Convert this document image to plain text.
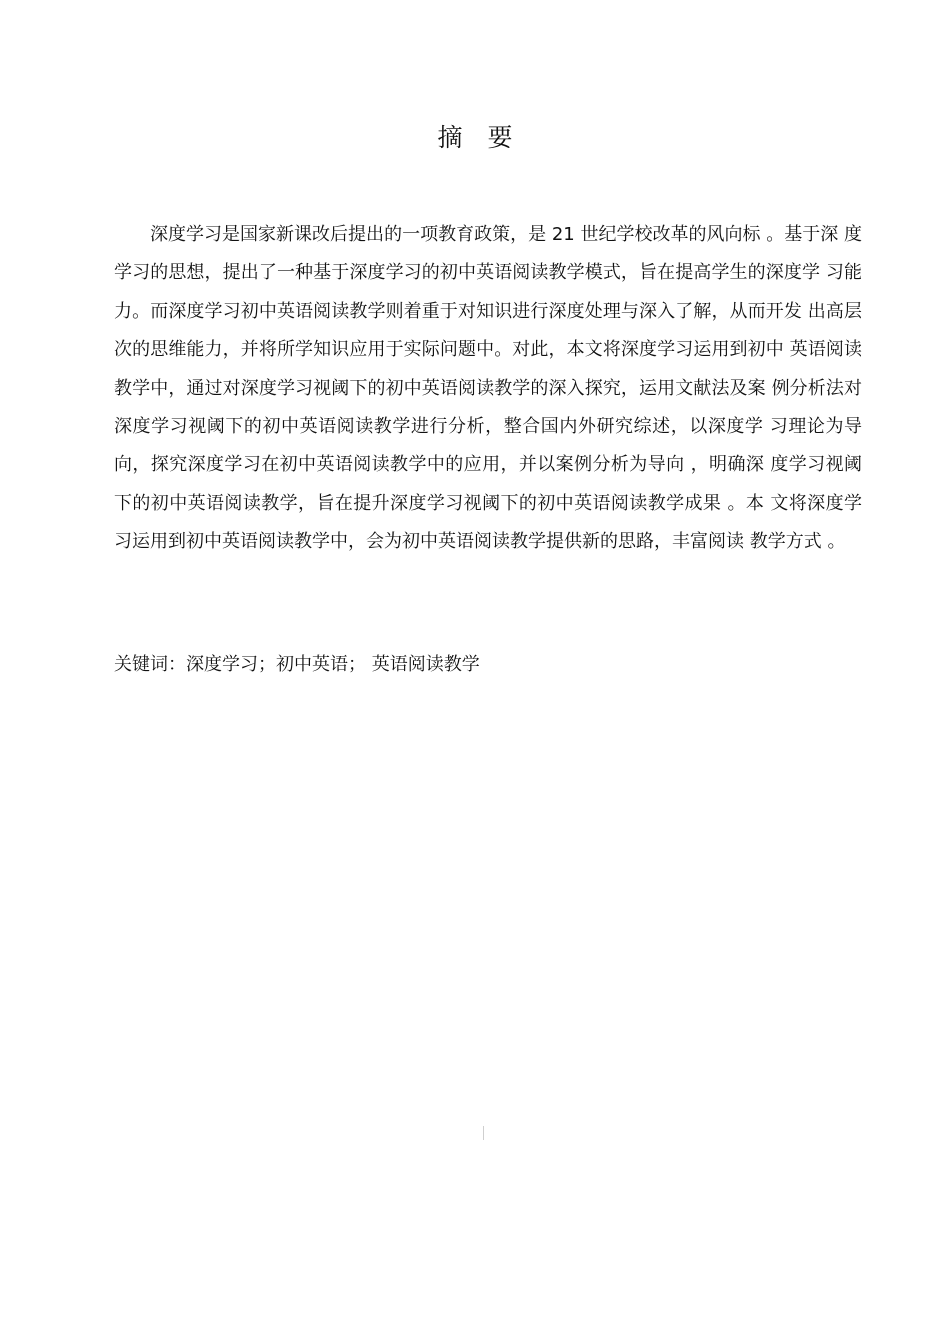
摘　要

深度学习是国家新课改后提出的一项教育政策，是 21 世纪学校改革的风向标 。基于深 度学习的思想，提出了一种基于深度学习的初中英语阅读教学模式，旨在提高学生的深度学 习能力。而深度学习初中英语阅读教学则着重于对知识进行深度处理与深入了解，从而开发 出高层次的思维能力，并将所学知识应用于实际问题中。对此，本文将深度学习运用到初中 英语阅读教学中，通过对深度学习视阈下的初中英语阅读教学的深入探究，运用文献法及案 例分析法对深度学习视阈下的初中英语阅读教学进行分析，整合国内外研究综述，以深度学 习理论为导向，探究深度学习在初中英语阅读教学中的应用，并以案例分析为导向 ，明确深 度学习视阈下的初中英语阅读教学，旨在提升深度学习视阈下的初中英语阅读教学成果 。本 文将深度学习运用到初中英语阅读教学中，会为初中英语阅读教学提供新的思路，丰富阅读 教学方式 。

关键词：深度学习；初中英语； 英语阅读教学
